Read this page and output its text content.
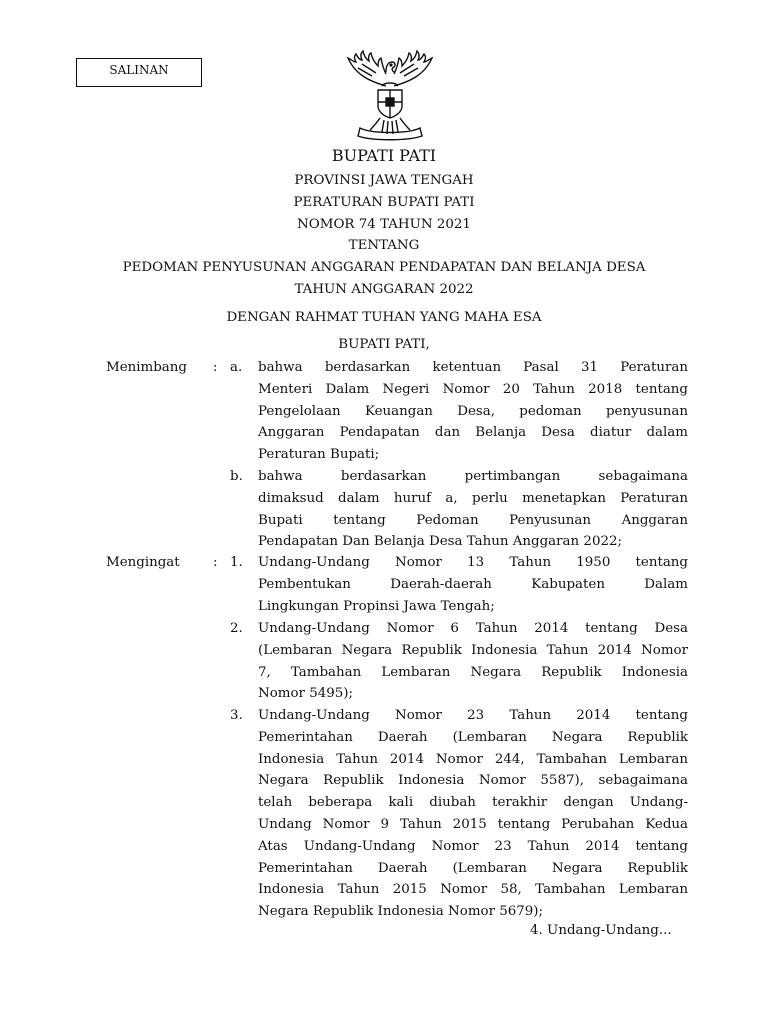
SALINAN
BUPATI PATI
PROVINSI JAWA TENGAH
PERATURAN BUPATI PATI
NOMOR 74 TAHUN 2021
TENTANG
PEDOMAN PENYUSUNAN ANGGARAN PENDAPATAN DAN BELANJA DESA
TAHUN ANGGARAN 2022
DENGAN RAHMAT TUHAN YANG MAHA ESA
BUPATI PATI,
Menimbang : a. bahwa berdasarkan ketentuan Pasal 31 Peraturan
Menteri Dalam Negeri Nomor 20 Tahun 2018 tentang
Pengelolaan Keuangan Desa, pedoman penyusunan
Anggaran Pendapatan dan Belanja Desa diatur dalam
Peraturan Bupati;
b. bahwa berdasarkan pertimbangan sebagaimana
dimaksud dalam huruf a, perlu menetapkan Peraturan
Bupati tentang Pedoman Penyusunan Anggaran
Pendapatan Dan Belanja Desa Tahun Anggaran 2022;
Mengingat : 1. Undang-Undang Nomor 13 Tahun 1950 tentang
Pembentukan Daerah-daerah Kabupaten Dalam
Lingkungan Propinsi Jawa Tengah;
2. Undang-Undang Nomor 6 Tahun 2014 tentang Desa
(Lembaran Negara Republik Indonesia Tahun 2014 Nomor
7, Tambahan Lembaran Negara Republik Indonesia
Nomor 5495);
3. Undang-Undang Nomor 23 Tahun 2014 tentang
Pemerintahan Daerah (Lembaran Negara Republik
Indonesia Tahun 2014 Nomor 244, Tambahan Lembaran
Negara Republik Indonesia Nomor 5587), sebagaimana
telah beberapa kali diubah terakhir dengan Undang-
Undang Nomor 9 Tahun 2015 tentang Perubahan Kedua
Atas Undang-Undang Nomor 23 Tahun 2014 tentang
Pemerintahan Daerah (Lembaran Negara Republik
Indonesia Tahun 2015 Nomor 58, Tambahan Lembaran
Negara Republik Indonesia Nomor 5679);
4. Undang-Undang...
